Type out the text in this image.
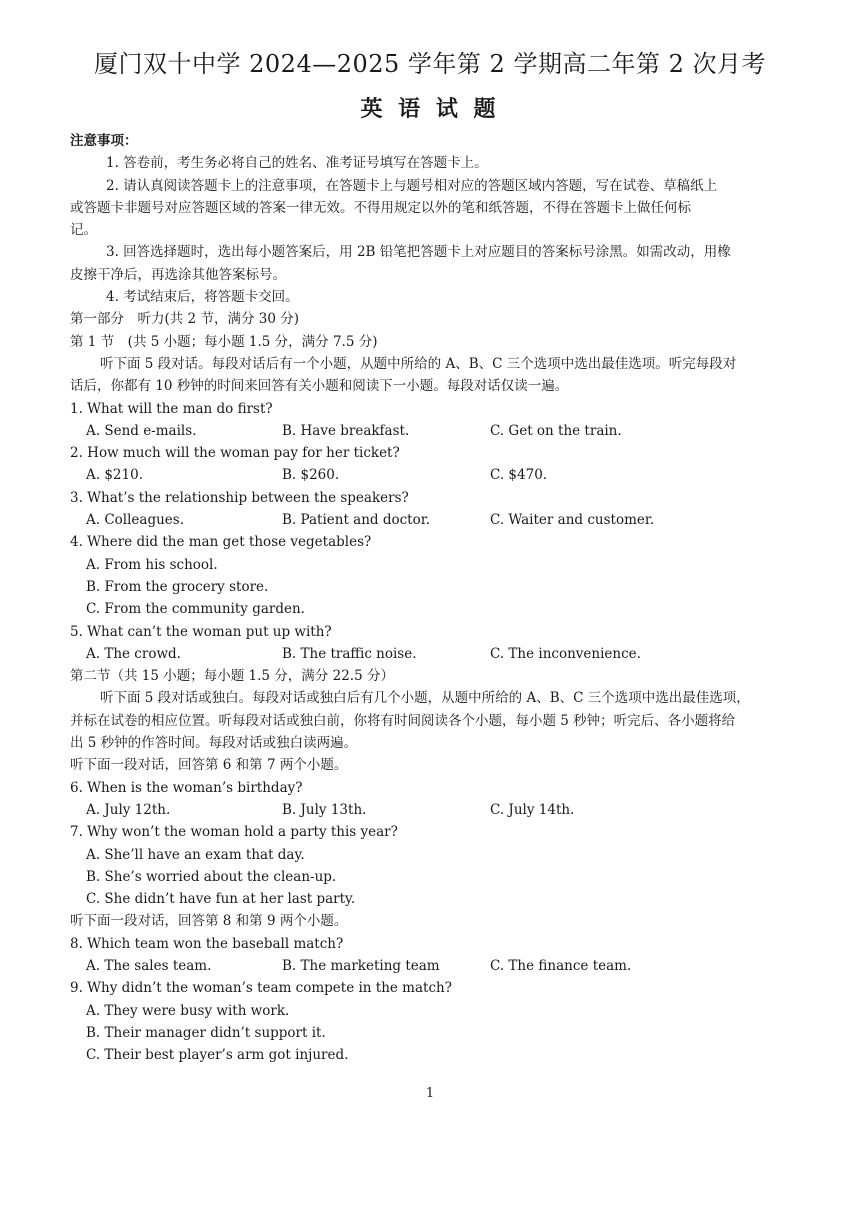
厦门双十中学 2024—2025 学年第 2 学期高二年第 2 次月考
英 语 试 题
注意事项：
1. 答卷前，考生务必将自己的姓名、准考证号填写在答题卡上。
2. 请认真阅读答题卡上的注意事项，在答题卡上与题号相对应的答题区域内答题，写在试卷、草稿纸上
或答题卡非题号对应答题区域的答案一律无效。不得用规定以外的笔和纸答题，不得在答题卡上做任何标
记。
3. 回答选择题时，选出每小题答案后，用 2B 铅笔把答题卡上对应题目的答案标号涂黑。如需改动，用橡
皮擦干净后，再选涂其他答案标号。
4. 考试结束后，将答题卡交回。
第一部分　听力(共 2 节，满分 30 分)
第 1 节　(共 5 小题；每小题 1.5 分，满分 7.5 分)
听下面 5 段对话。每段对话后有一个小题，从题中所给的 A、B、C 三个选项中选出最佳选项。听完每段对
话后，你都有 10 秒钟的时间来回答有关小题和阅读下一小题。每段对话仅读一遍。
1. What will the man do first?
A. Send e-mails.	B. Have breakfast.	C. Get on the train.
2. How much will the woman pay for her ticket?
A. $210.	B. $260.	C. $470.
3. What’s the relationship between the speakers?
A. Colleagues.	B. Patient and doctor.	C. Waiter and customer.
4. Where did the man get those vegetables?
A. From his school.
B. From the grocery store.
C. From the community garden.
5. What can’t the woman put up with?
A. The crowd.	B. The traffic noise.	C. The inconvenience.
第二节（共 15 小题；每小题 1.5 分，满分 22.5 分）
听下面 5 段对话或独白。每段对话或独白后有几个小题，从题中所给的 A、B、C 三个选项中选出最佳选项，
并标在试卷的相应位置。听每段对话或独白前，你将有时间阅读各个小题，每小题 5 秒钟；听完后、各小题将给
出 5 秒钟的作答时间。每段对话或独白读两遍。
听下面一段对话，回答第 6 和第 7 两个小题。
6. When is the woman’s birthday?
A. July 12th.	B. July 13th.	C. July 14th.
7. Why won’t the woman hold a party this year?
A. She’ll have an exam that day.
B. She’s worried about the clean-up.
C. She didn’t have fun at her last party.
听下面一段对话，回答第 8 和第 9 两个小题。
8. Which team won the baseball match?
A. The sales team.	B. The marketing team	C. The finance team.
9. Why didn’t the woman’s team compete in the match?
A. They were busy with work.
B. Their manager didn’t support it.
C. Their best player’s arm got injured.
1
